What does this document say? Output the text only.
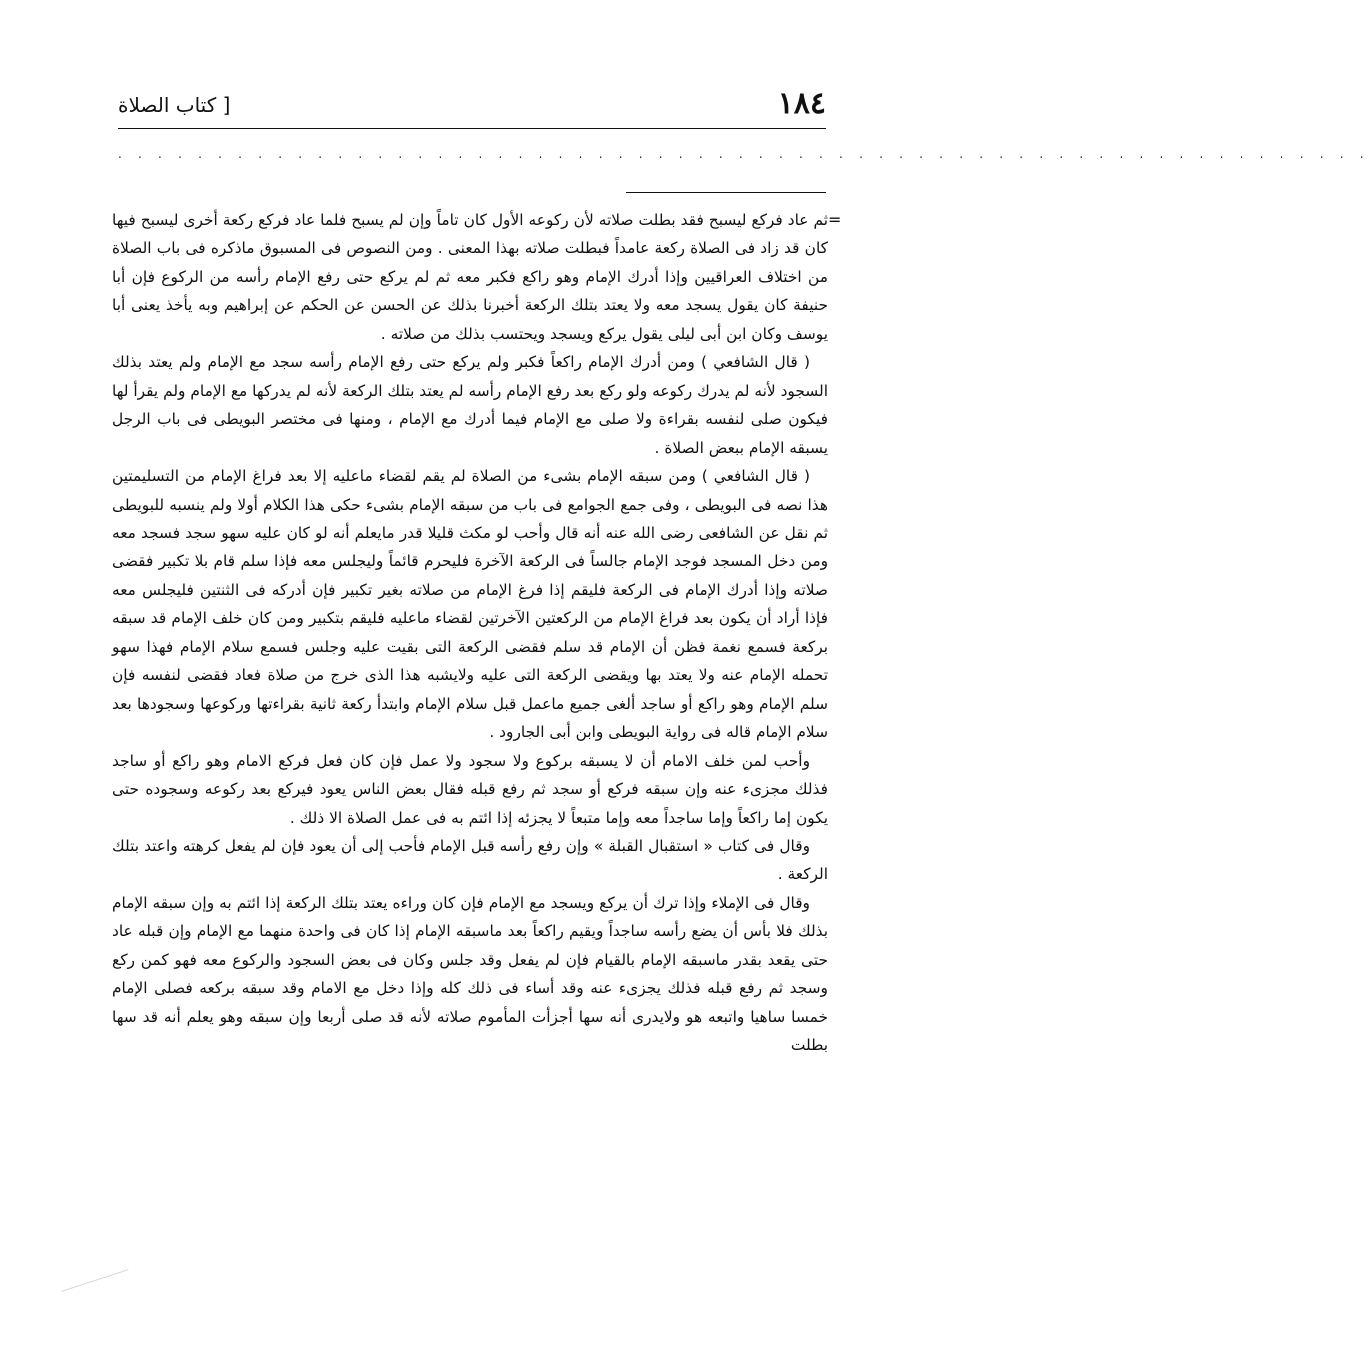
١٨٤
[ كتاب الصلاة
. . . . . . . . . . . . . . . . . . . . . . . . . . . . . . . . . . . . . . . . . . . . . . . . . . . . . . . . . . . . . . .
=

ثم عاد فركع ليسبح فقد بطلت صلاته لأن ركوعه الأول كان تاماً وإن لم يسبح فلما عاد فركع ركعة أخرى ليسبح فيها كان قد زاد فى الصلاة ركعة عامداً فبطلت صلاته بهذا المعنى . ومن النصوص فى المسبوق ماذكره فى باب الصلاة من اختلاف العراقيين وإذا أدرك الإمام وهو راكع فكبر معه ثم لم يركع حتى رفع الإمام رأسه من الركوع فإن أبا حنيفة كان يقول يسجد معه ولا يعتد بتلك الركعة أخبرنا بذلك عن الحسن عن الحكم عن إبراهيم وبه يأخذ يعنى أبا يوسف وكان ابن أبى ليلى يقول يركع ويسجد ويحتسب بذلك من صلاته .

( قال الشافعي ) ومن أدرك الإمام راكعاً فكبر ولم يركع حتى رفع الإمام رأسه سجد مع الإمام ولم يعتد بذلك السجود لأنه لم يدرك ركوعه ولو ركع بعد رفع الإمام رأسه لم يعتد بتلك الركعة لأنه لم يدركها مع الإمام ولم يقرأ لها فيكون صلى لنفسه بقراءة ولا صلى مع الإمام فيما أدرك مع الإمام ، ومنها فى مختصر البويطى فى باب الرجل يسبقه الإمام ببعض الصلاة .

( قال الشافعي ) ومن سبقه الإمام بشىء من الصلاة لم يقم لقضاء ماعليه إلا بعد فراغ الإمام من التسليمتين هذا نصه فى البويطى ، وفى جمع الجوامع فى باب من سبقه الإمام بشىء حكى هذا الكلام أولا ولم ينسبه للبويطى ثم نقل عن الشافعى رضى الله عنه أنه قال وأحب لو مكث قليلا قدر مايعلم أنه لو كان عليه سهو سجد فسجد معه ومن دخل المسجد فوجد الإمام جالساً فى الركعة الآخرة فليحرم قائماً وليجلس معه فإذا سلم قام بلا تكبير فقضى صلاته وإذا أدرك الإمام فى الركعة فليقم إذا فرغ الإمام من صلاته بغير تكبير فإن أدركه فى الثنتين فليجلس معه فإذا أراد أن يكون بعد فراغ الإمام من الركعتين الآخرتين لقضاء ماعليه فليقم بتكبير ومن كان خلف الإمام قد سبقه بركعة فسمع نغمة فظن أن الإمام قد سلم فقضى الركعة التى بقيت عليه وجلس فسمع سلام الإمام فهذا سهو تحمله الإمام عنه ولا يعتد بها ويقضى الركعة التى عليه ولايشبه هذا الذى خرج من صلاة فعاد فقضى لنفسه فإن سلم الإمام وهو راكع أو ساجد ألغى جميع ماعمل قبل سلام الإمام وابتدأ ركعة ثانية بقراءتها وركوعها وسجودها بعد سلام الإمام قاله فى رواية البويطى وابن أبى الجارود .

وأحب لمن خلف الامام أن لا يسبقه بركوع ولا سجود ولا عمل فإن كان فعل فركع الامام وهو راكع أو ساجد فذلك مجزىء عنه وإن سبقه فركع أو سجد ثم رفع قبله فقال بعض الناس يعود فيركع بعد ركوعه وسجوده حتى يكون إما راكعاً وإما ساجداً معه وإما متبعاً لا يجزئه إذا ائتم به فى عمل الصلاة الا ذلك .

وقال فى كتاب « استقبال القبلة » وإن رفع رأسه قبل الإمام فأحب إلى أن يعود فإن لم يفعل كرهته واعتد بتلك الركعة .

وقال فى الإملاء وإذا ترك أن يركع ويسجد مع الإمام فإن كان وراءه يعتد بتلك الركعة إذا ائتم به وإن سبقه الإمام بذلك فلا بأس أن يضع رأسه ساجداً ويقيم راكعاً بعد ماسبقه الإمام إذا كان فى واحدة منهما مع الإمام وإن قبله عاد حتى يقعد بقدر ماسبقه الإمام بالقيام فإن لم يفعل وقد جلس وكان فى بعض السجود والركوع معه فهو كمن ركع وسجد ثم رفع قبله فذلك يجزىء عنه وقد أساء فى ذلك كله وإذا دخل مع الامام وقد سبقه بركعه فصلى الإمام خمسا ساهيا واتبعه هو ولايدرى أنه سها أجزأت المأموم صلاته لأنه قد صلى أربعا وإن سبقه وهو يعلم أنه قد سها بطلت
